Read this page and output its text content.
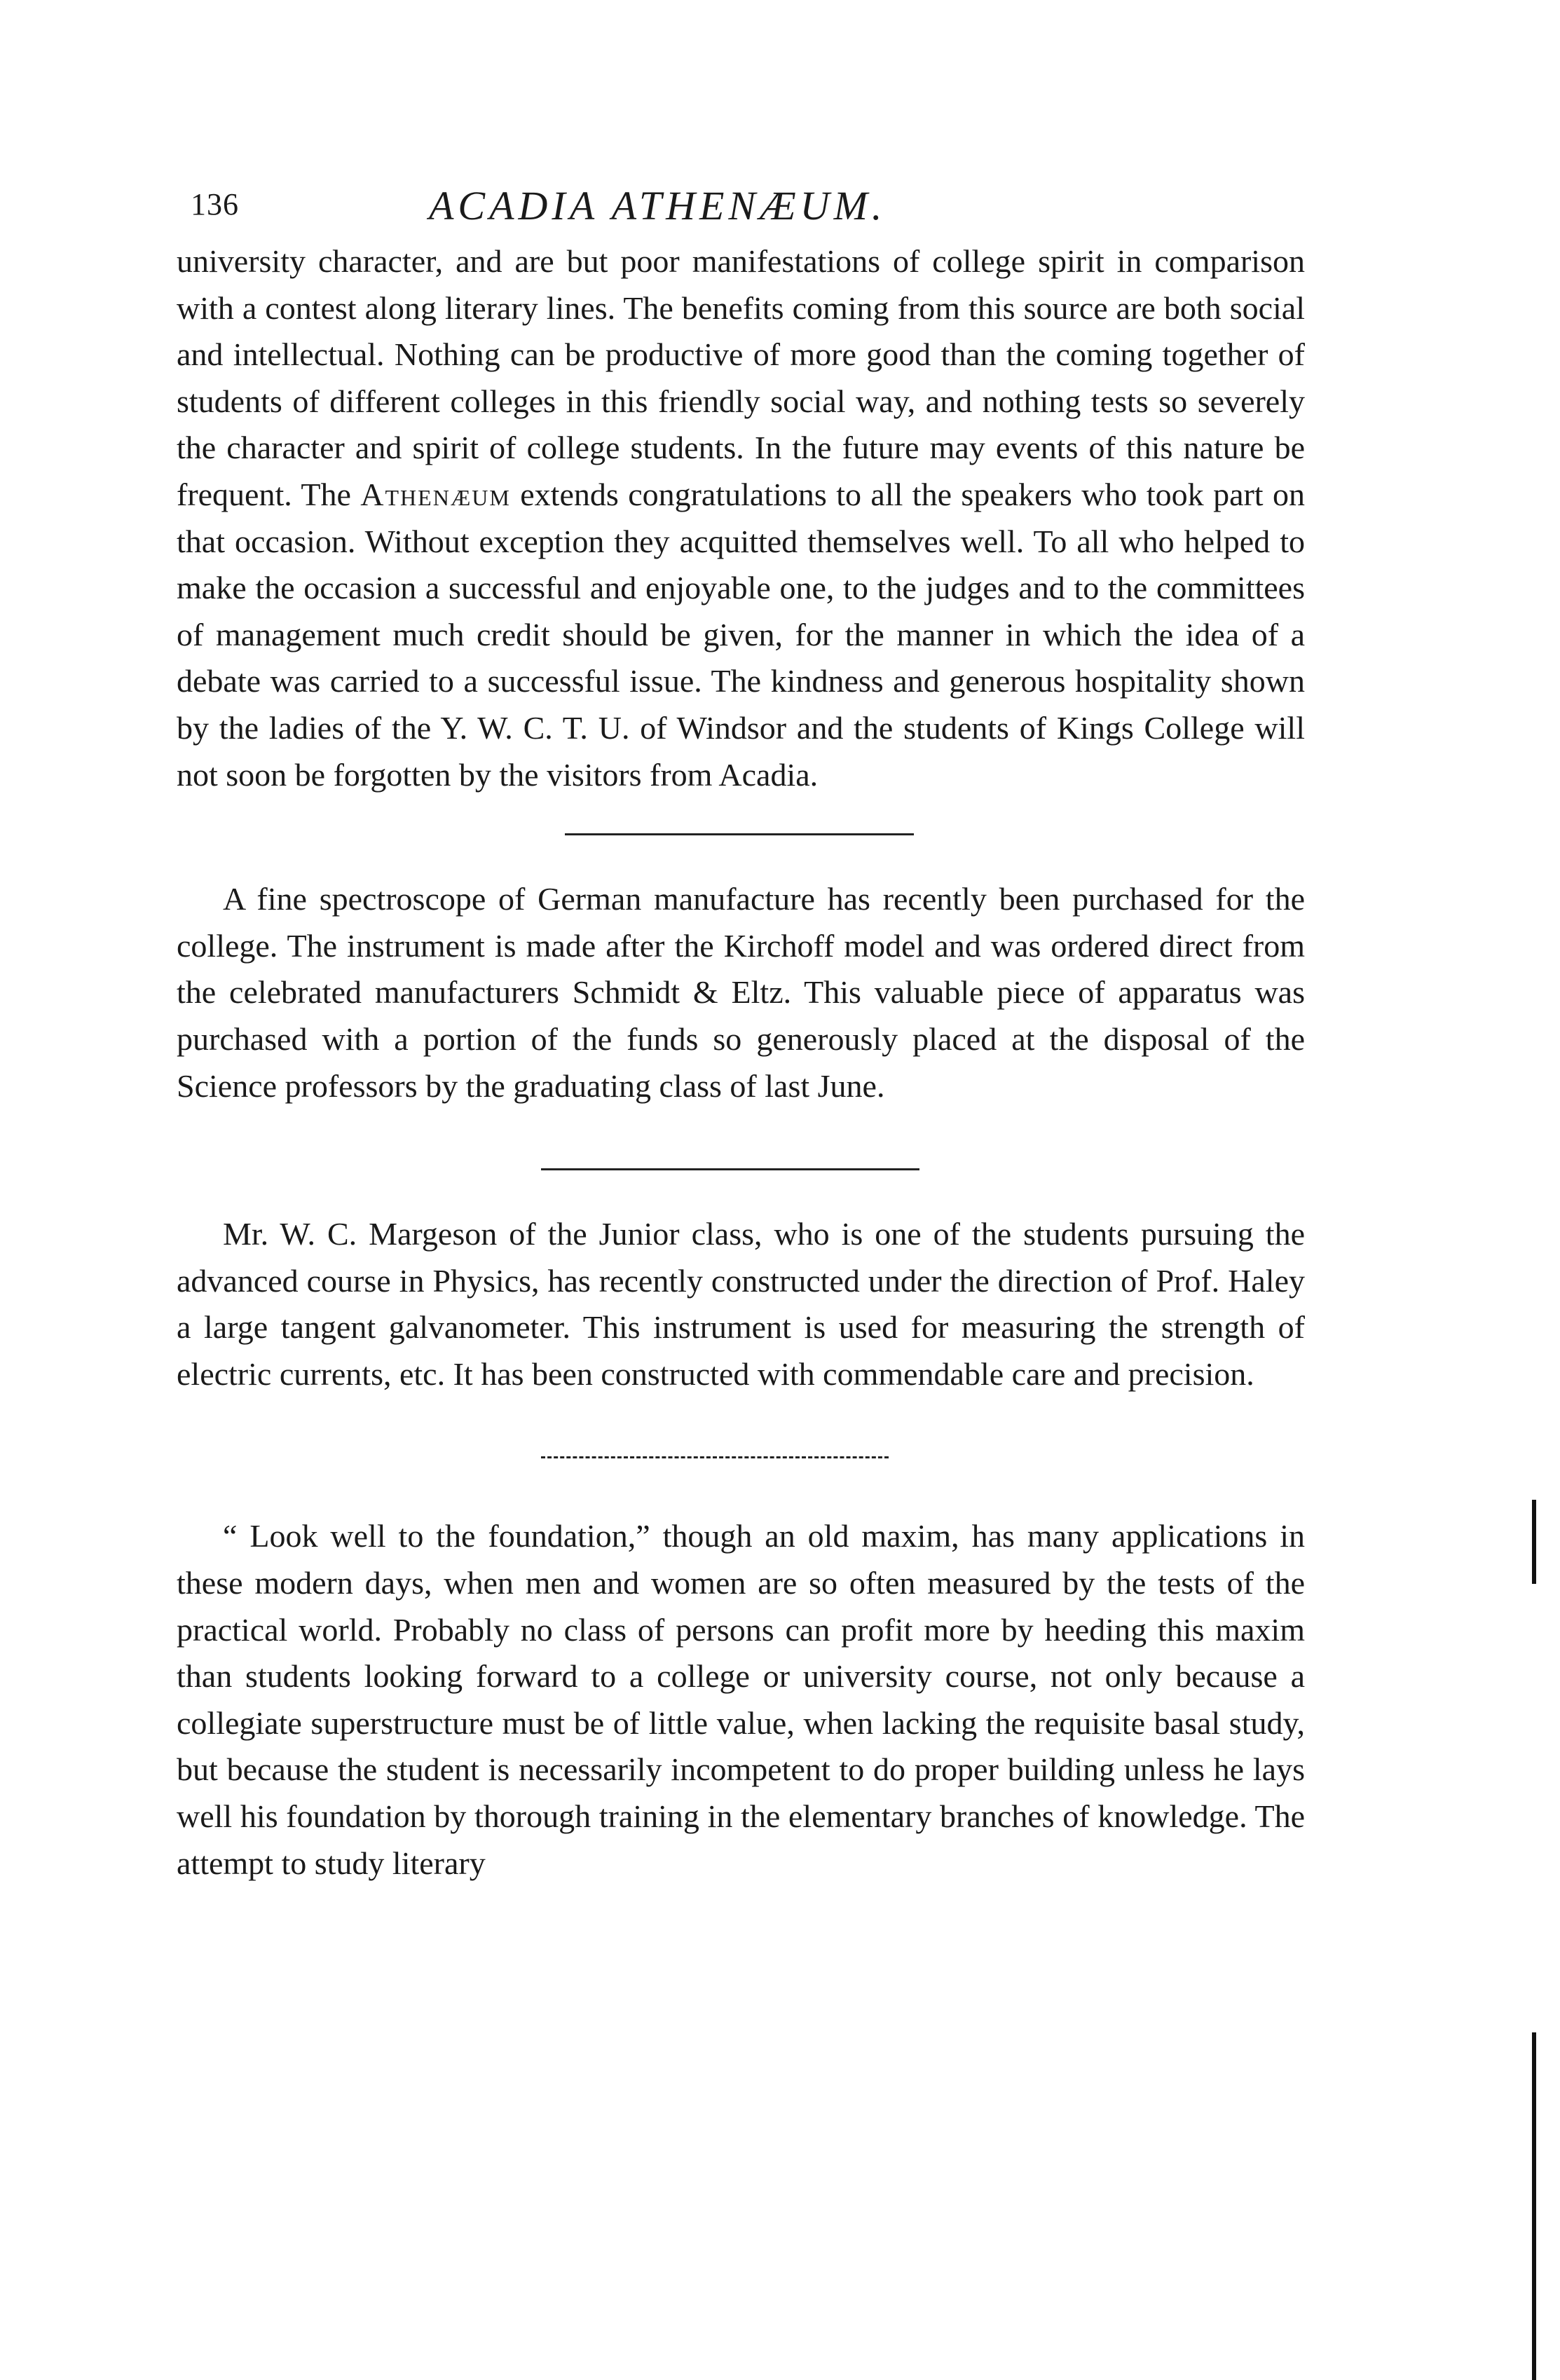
136	ACADIA ATHENÆUM.

university character, and are but poor manifestations of college spirit in comparison with a contest along literary lines. The benefits coming from this source are both social and intellectual. Nothing can be productive of more good than the coming together of students of different colleges in this friendly social way, and nothing tests so severely the character and spirit of college students. In the future may events of this nature be frequent. The Athenæum extends congratulations to all the speakers who took part on that occasion. Without exception they acquitted themselves well. To all who helped to make the occasion a successful and enjoyable one, to the judges and to the committees of management much credit should be given, for the manner in which the idea of a debate was carried to a successful issue. The kindness and generous hospitality shown by the ladies of the Y. W. C. T. U. of Windsor and the students of Kings College will not soon be forgotten by the visitors from Acadia.

A fine spectroscope of German manufacture has recently been purchased for the college. The instrument is made after the Kirchoff model and was ordered direct from the celebrated manufacturers Schmidt & Eltz. This valuable piece of apparatus was purchased with a portion of the funds so generously placed at the disposal of the Science professors by the graduating class of last June.

Mr. W. C. Margeson of the Junior class, who is one of the students pursuing the advanced course in Physics, has recently constructed under the direction of Prof. Haley a large tangent galvanometer. This instrument is used for measuring the strength of electric currents, etc. It has been constructed with commendable care and precision.

“ Look well to the foundation,” though an old maxim, has many applications in these modern days, when men and women are so often measured by the tests of the practical world. Probably no class of persons can profit more by heeding this maxim than students looking forward to a college or university course, not only because a collegiate superstructure must be of little value, when lacking the requisite basal study, but because the student is necessarily incompetent to do proper building unless he lays well his foundation by thorough training in the elementary branches of knowledge. The attempt to study literary
